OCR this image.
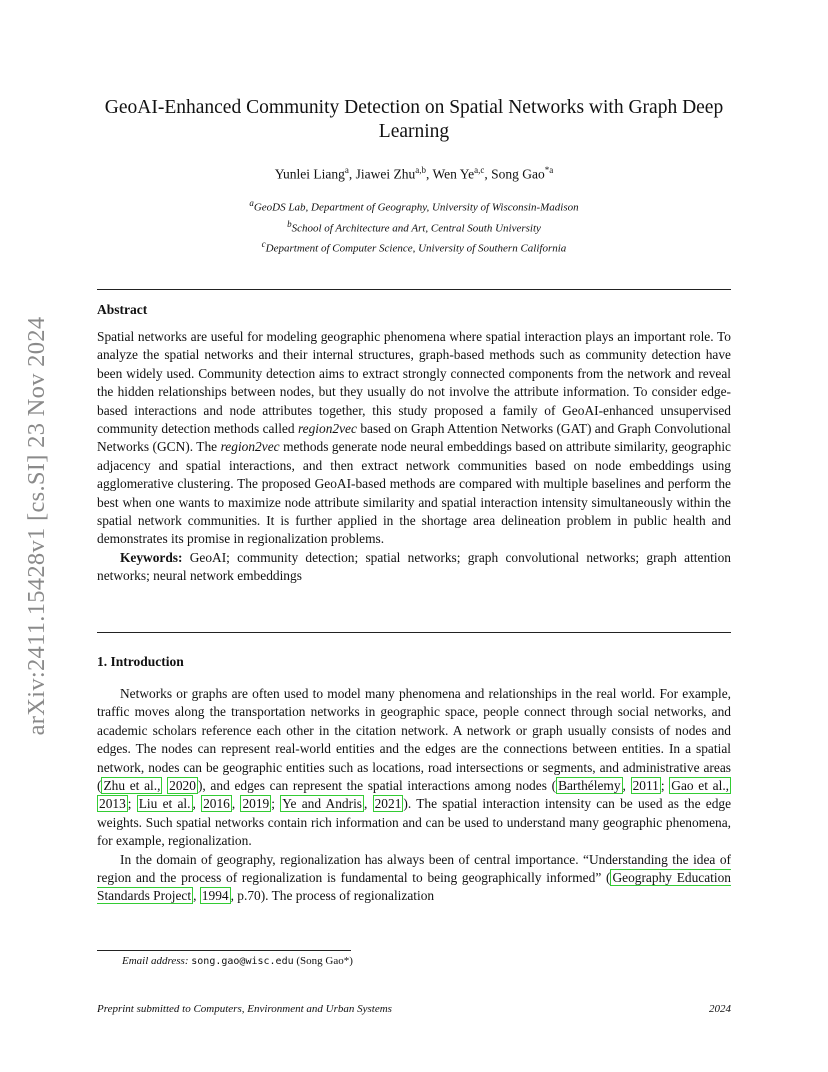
arXiv:2411.15428v1 [cs.SI] 23 Nov 2024
GeoAI-Enhanced Community Detection on Spatial Networks with Graph Deep Learning
Yunlei Liang$^a$, Jiawei Zhu$^{a,b}$, Wen Ye$^{a,c}$, Song Gao$^{*a}$
$^a$GeoDS Lab, Department of Geography, University of Wisconsin-Madison
$^b$School of Architecture and Art, Central South University
$^c$Department of Computer Science, University of Southern California
Abstract

Spatial networks are useful for modeling geographic phenomena where spatial interaction plays an important role. To analyze the spatial networks and their internal structures, graph-based methods such as community detection have been widely used. Community detection aims to extract strongly connected components from the network and reveal the hidden relationships between nodes, but they usually do not involve the attribute information. To consider edge-based interactions and node attributes together, this study proposed a family of GeoAI-enhanced unsupervised community detection methods called region2vec based on Graph Attention Networks (GAT) and Graph Convolutional Networks (GCN). The region2vec methods generate node neural embeddings based on attribute similarity, geographic adjacency and spatial interactions, and then extract network communities based on node embeddings using agglomerative clustering. The proposed GeoAI-based methods are compared with multiple baselines and perform the best when one wants to maximize node attribute similarity and spatial interaction intensity simultaneously within the spatial network communities. It is further applied in the shortage area delineation problem in public health and demonstrates its promise in regionalization problems.

Keywords: GeoAI; community detection; spatial networks; graph convolutional networks; graph attention networks; neural network embeddings

1. Introduction

Networks or graphs are often used to model many phenomena and relationships in the real world. For example, traffic moves along the transportation networks in geographic space, people connect through social networks, and academic scholars reference each other in the citation network. A network or graph usually consists of nodes and edges. The nodes can represent real-world entities and the edges are the connections between entities. In a spatial network, nodes can be geographic entities such as locations, road intersections or segments, and administrative areas ( Zhu et al., 2020 ), and edges can represent the spatial interactions among nodes ( Barthélemy , 2011 ; Gao et al., 2013 ; Liu et al. , 2016 , 2019 ; Ye and Andris , 2021 ). The spatial interaction intensity can be used as the edge weights. Such spatial networks contain rich information and can be used to understand many geographic phenomena, for example, regionalization.

In the domain of geography, regionalization has always been of central importance. “Understanding the idea of region and the process of regionalization is fundamental to being geographically informed” ( Geography Education Standards Project , 1994 , p.70). The process of regionalization

Email address: song.gao@wisc.edu (Song Gao*)
Preprint submitted to Computers, Environment and Urban Systems	2024
